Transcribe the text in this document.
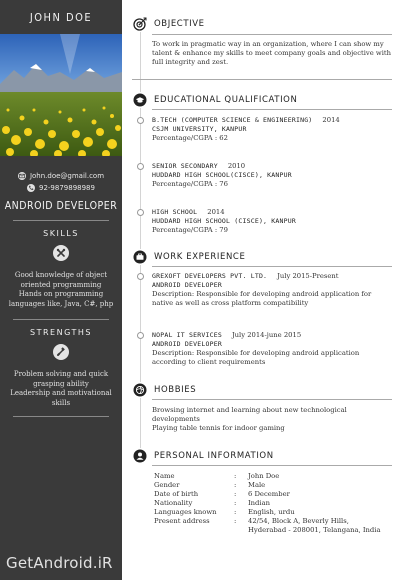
JOHN DOE
John.doe@gmail.com
92-9879898989
ANDROID DEVELOPER
SKILLS
Good knowledge of object
oriented programming
Hands on programming
languages like, Java, C#, php
STRENGTHS
Problem solving and quick
grasping ability
Leadership and motivational
skills
GetAndroid.iR
OBJECTIVE
To work in pragmatic way in an organization, where I can show my
talent & enhance my skills to meet company goals and objective with
full integrity and zest.
EDUCATIONAL QUALIFICATION
B.TECH (COMPUTER SCIENCE & ENGINEERING) 2014
CSJM UNIVERSITY, KANPUR
Percentage/CGPA : 62
SENIOR SECONDARY 2010
HUDDARD HIGH SCHOOL(CISCE), KANPUR
Percentage/CGPA : 76
HIGH SCHOOL 2014
HUDDARD HIGH SCHOOL (CISCE), KANPUR
Percentage/CGPA : 79
WORK EXPERIENCE
GREXOFT DEVELOPERS PVT. LTD. July 2015-Present
ANDROID DEVELOPER
Description: Responsible for developing android application for
native as well as cross platform compatibility
NOPAL IT SERVICES July 2014-june 2015
ANDROID DEVELOPER
Description: Responsible for developing android application
according to client requirements
HOBBIES
Browsing internet and learning about new technological
developments
Playing table tennis for indoor gaming
PERSONAL INFORMATION
Name	: John Doe
Gender	: Male
Date of birth	: 6 December
Nationality	: Indian
Languages known	: English, urdu
Present address	: 42/54, Block A, Beverly Hills,
Hyderabad - 208001, Telangana, India
